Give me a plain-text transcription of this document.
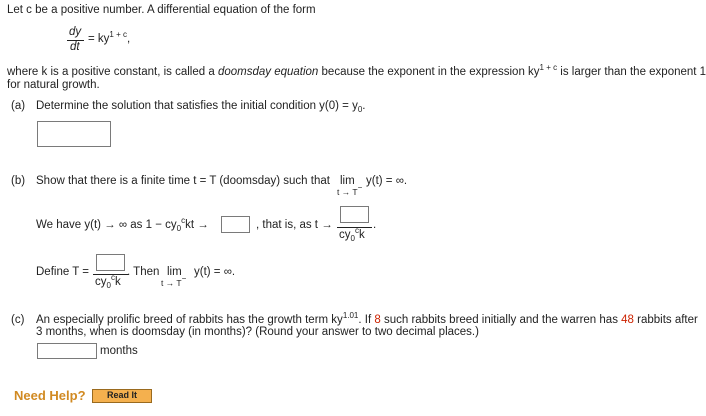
Let c be a positive number. A differential equation of the form
dy
dt
= $ky^{1 + c}$,
where k is a positive constant, is called a doomsday equation because the exponent in the expression $ky^{1 + c}$ is larger than the exponent 1
for natural growth.
(a) Determine the solution that satisfies the initial condition $y(0) = y_0$.
(b) Show that there is a finite time t = T (doomsday) such that lim y(t) = ∞.
t → T−
We have y(t) → ∞ as $1 - cy_0^ckt$ →	, that is, as t →
$cy_0^ck$
.
Define T =
$cy_0^ck$
. Then lim y(t) = ∞.
t → T−
(c) An especially prolific breed of rabbits has the growth term $ky^{1.01}$. If 8 such rabbits breed initially and the warren has 48 rabbits after
3 months, when is doomsday (in months)? (Round your answer to two decimal places.)
months
Need Help?	Read It
